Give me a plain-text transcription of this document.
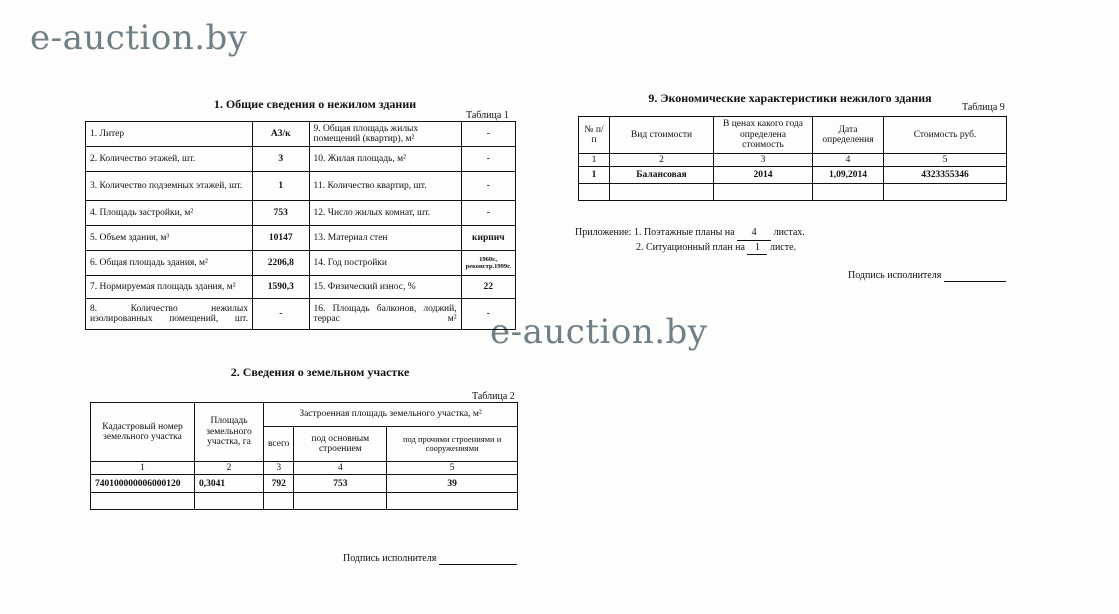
e-auction.by
e-auction.by
1. Общие сведения о нежилом здании
Таблица 1
1. Литер	А3/к	9. Общая площадь жилых помещений (квартир), м²	-
2. Количество этажей, шт.	3	10. Жилая площадь, м²	-
3. Количество подземных этажей, шт.	1	11. Количество квартир, шт.	-
4. Площадь застройки, м²	753	12. Число жилых комнат, шт.	-
5. Объем здания, м³	10147	13. Материал стен	кирпич
6. Общая площадь здания, м²	2206,8	14. Год постройки	1960г., реконстр.1999г.
7. Нормируемая площадь здания, м²	1590,3	15. Физический износ, %	22
8. Количество нежилых изолированных помещений, шт.	-	16. Площадь балконов, лоджий, террас м²	-
2. Сведения о земельном участке
Таблица 2
Кадастровый номер земельного участка	Площадь земельного участка, га	Застроенная площадь земельного участка, м²		
		всего	под основным строением	под прочими строениями и сооружениями
1	2	3	4	5
740100000006000120	0,3041	792	753	39

Подпись исполнителя
9. Экономические характеристики нежилого здания
Таблица 9
№ п/п	Вид стоимости	В ценах какого года определена стоимость	Дата определения	Стоимость руб.
1	2	3	4	5
1	Балансовая	2014	1,09,2014	4323355346

Приложение: 1. Поэтажные планы на 4 листах.
2. Ситуационный план на 1 листе.
Подпись исполнителя
